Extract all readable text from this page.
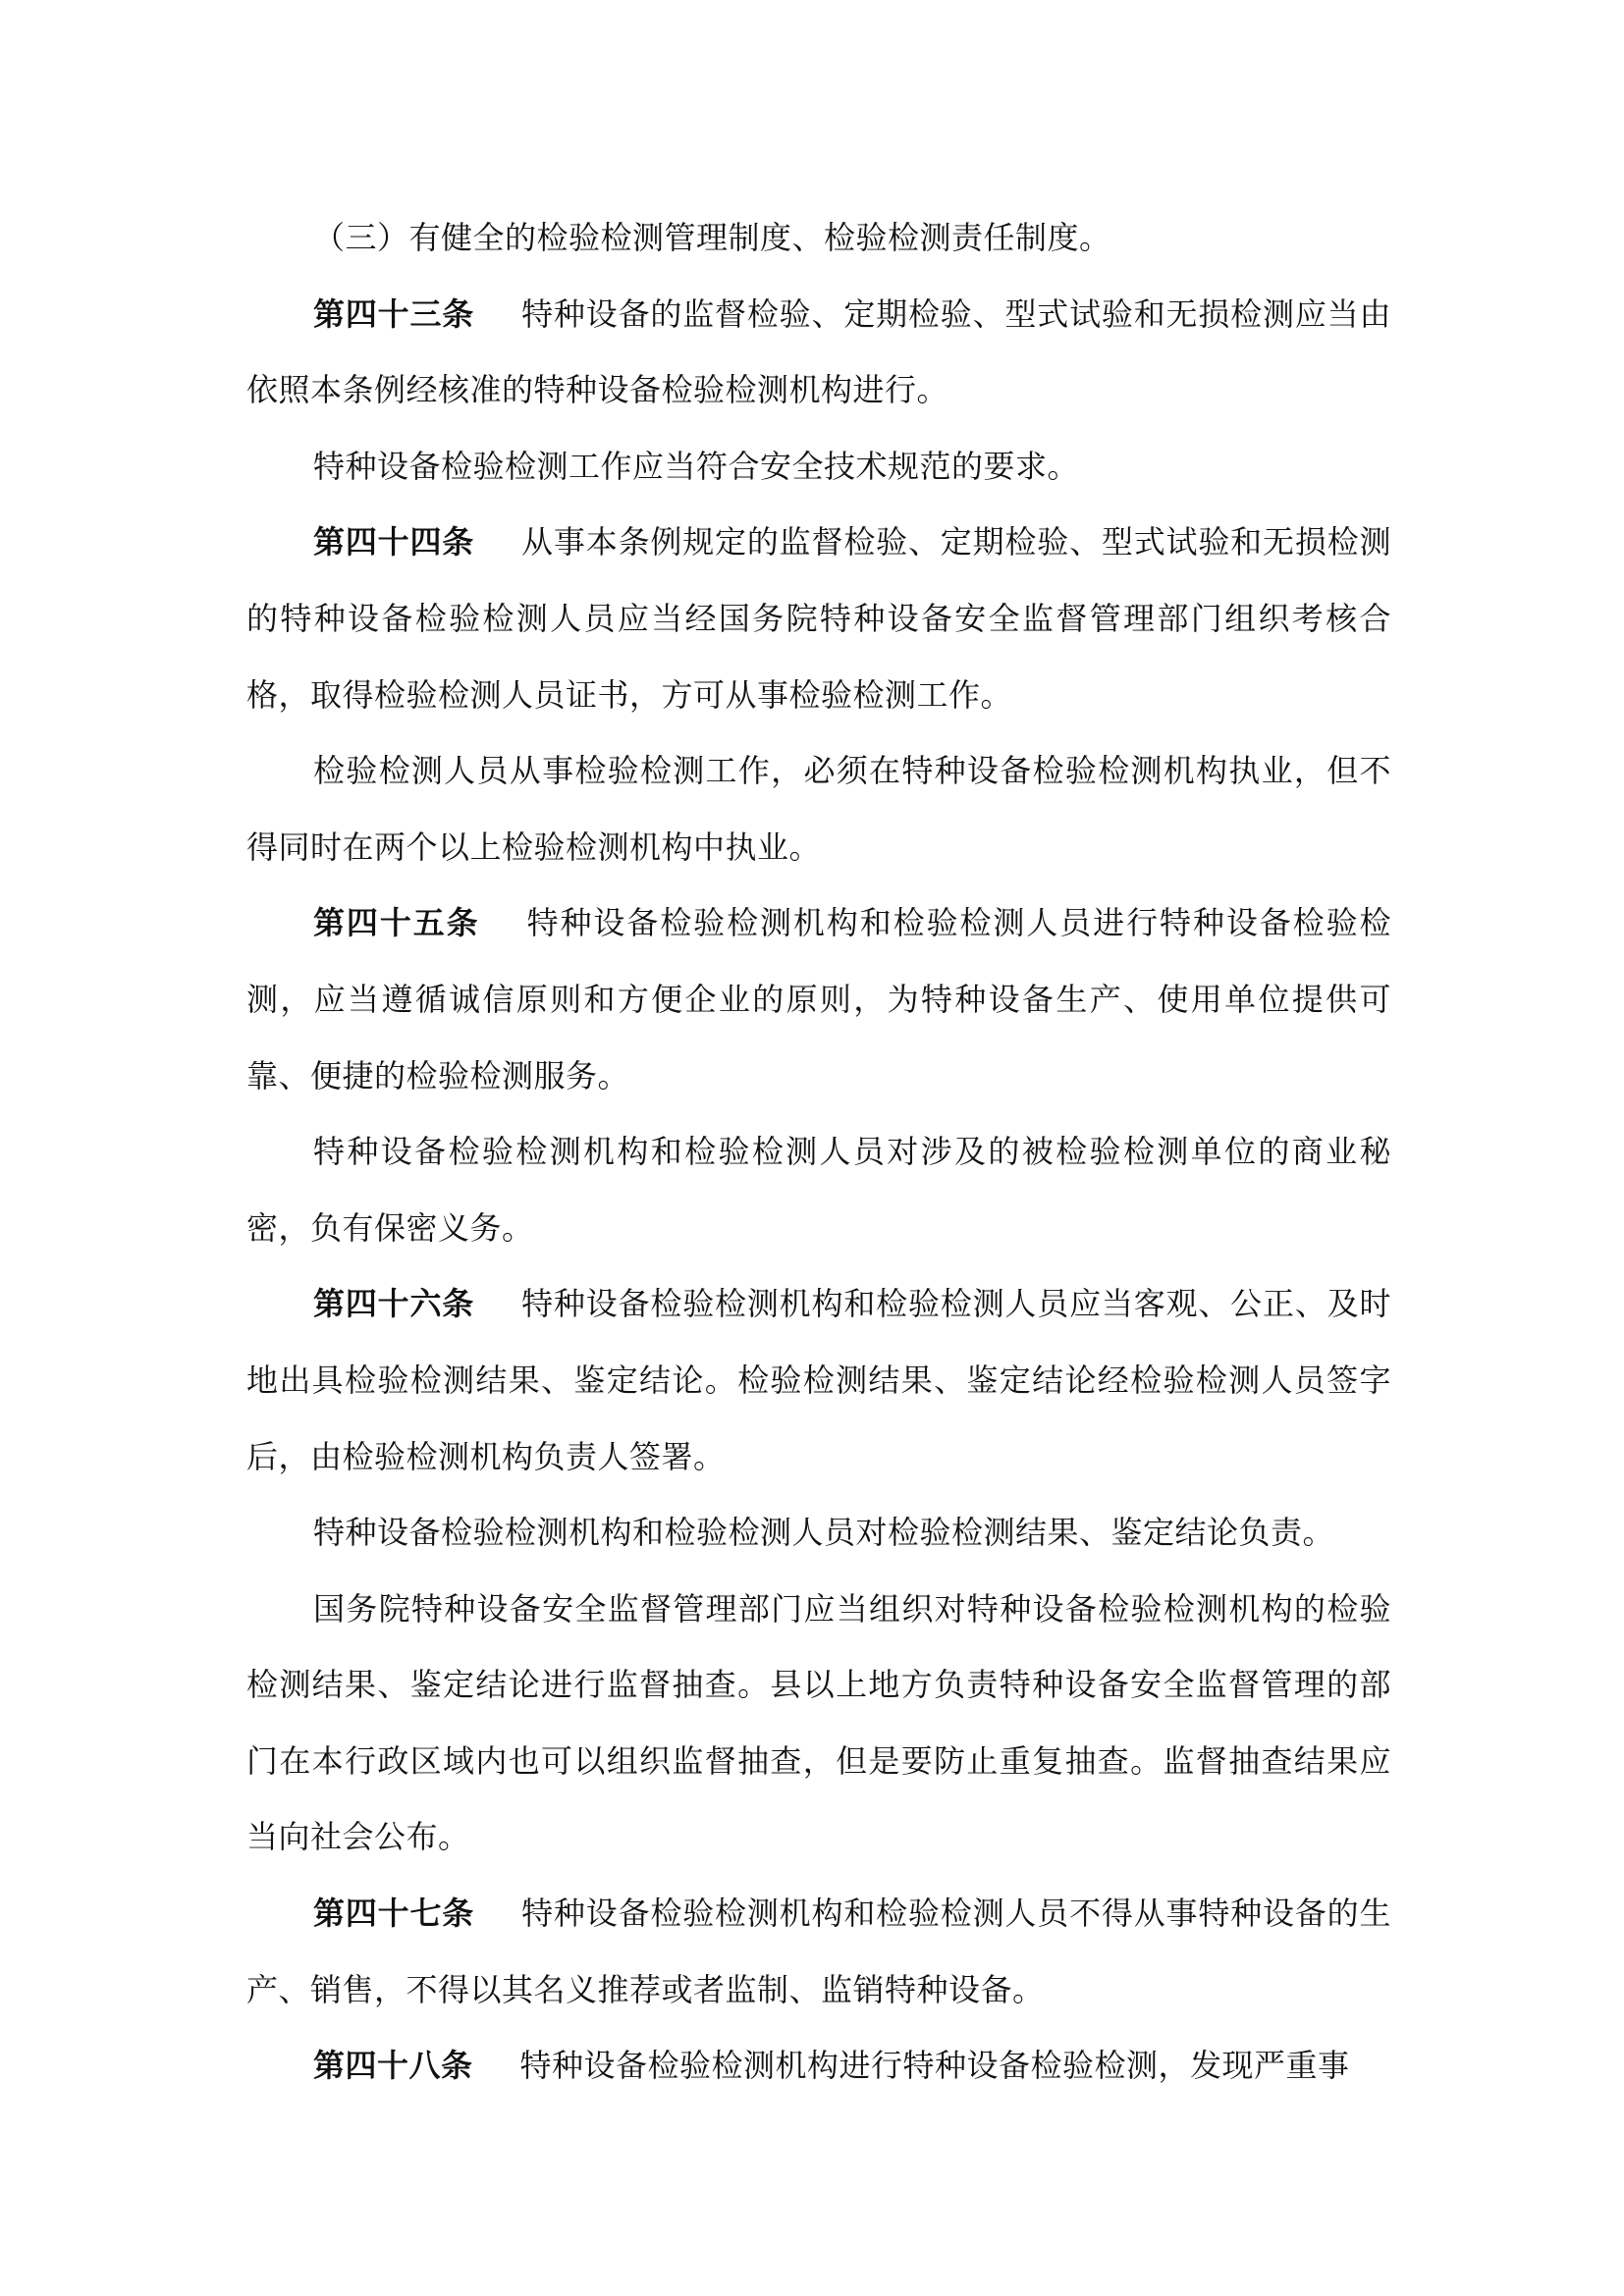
（三）有健全的检验检测管理制度、检验检测责任制度。

第四十三条 特种设备的监督检验、定期检验、型式试验和无损检测应当由依照本条例经核准的特种设备检验检测机构进行。

特种设备检验检测工作应当符合安全技术规范的要求。

第四十四条 从事本条例规定的监督检验、定期检验、型式试验和无损检测的特种设备检验检测人员应当经国务院特种设备安全监督管理部门组织考核合格，取得检验检测人员证书，方可从事检验检测工作。

检验检测人员从事检验检测工作，必须在特种设备检验检测机构执业，但不得同时在两个以上检验检测机构中执业。

第四十五条 特种设备检验检测机构和检验检测人员进行特种设备检验检测，应当遵循诚信原则和方便企业的原则，为特种设备生产、使用单位提供可靠、便捷的检验检测服务。

特种设备检验检测机构和检验检测人员对涉及的被检验检测单位的商业秘密，负有保密义务。

第四十六条 特种设备检验检测机构和检验检测人员应当客观、公正、及时地出具检验检测结果、鉴定结论。检验检测结果、鉴定结论经检验检测人员签字后，由检验检测机构负责人签署。

特种设备检验检测机构和检验检测人员对检验检测结果、鉴定结论负责。

国务院特种设备安全监督管理部门应当组织对特种设备检验检测机构的检验检测结果、鉴定结论进行监督抽查。县以上地方负责特种设备安全监督管理的部门在本行政区域内也可以组织监督抽查，但是要防止重复抽查。监督抽查结果应当向社会公布。

第四十七条 特种设备检验检测机构和检验检测人员不得从事特种设备的生产、销售，不得以其名义推荐或者监制、监销特种设备。

第四十八条 特种设备检验检测机构进行特种设备检验检测，发现严重事
